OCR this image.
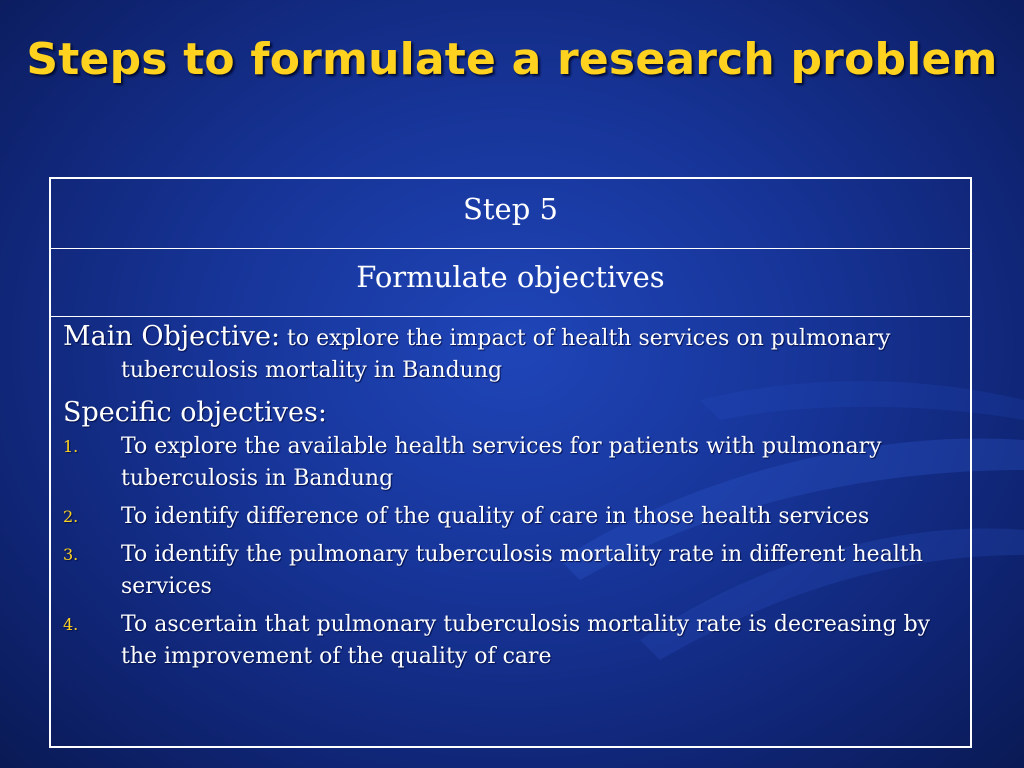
Steps to formulate a research problem
Step 5
Formulate objectives
Main Objective: to explore the impact of health services on pulmonary tuberculosis mortality in Bandung
Specific objectives:
1. To explore the available health services for patients with pulmonary tuberculosis in Bandung
2. To identify difference of the quality of care in those health services
3. To identify the pulmonary tuberculosis mortality rate in different health services
4. To ascertain that pulmonary tuberculosis mortality rate is decreasing by the improvement of the quality of care
